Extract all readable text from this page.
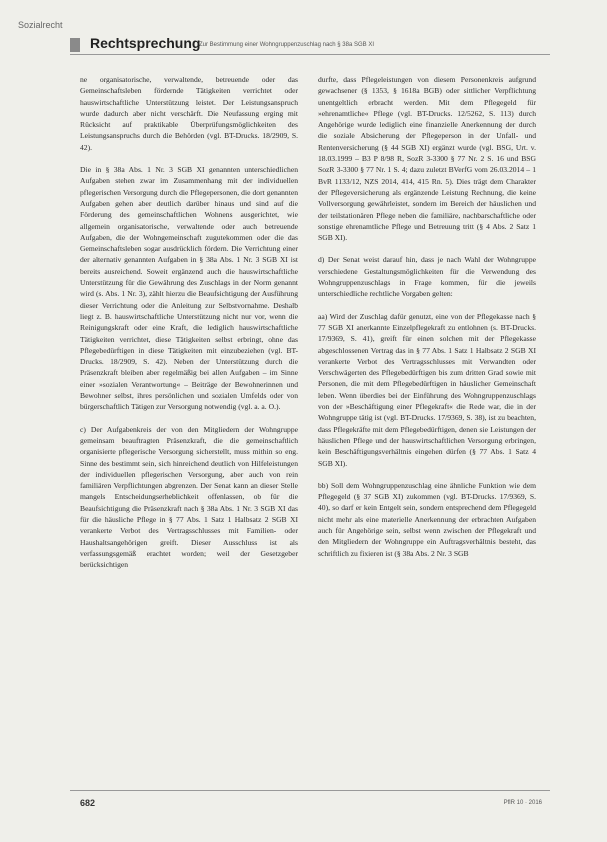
Sozialrecht
Rechtsprechung
Zur Bestimmung einer Wohngruppenzuschlag nach § 38a SGB XI

ne organisatorische, verwaltende, betreuende oder das Gemeinschaftsleben fördernde Tätigkeiten verrichtet oder hauswirtschaftliche Unterstützung leistet. Der Leistungsanspruch wurde dadurch aber nicht verschärft. Die Neufassung erging mit Rücksicht auf praktikable Überprüfungsmöglichkeiten des Leistungsanspruchs durch die Behörden (vgl. BT-Drucks. 18/2909, S. 42).

Die in § 38a Abs. 1 Nr. 3 SGB XI genannten unterschiedlichen Aufgaben stehen zwar im Zusammenhang mit der individuellen pflegerischen Versorgung durch die Pflegepersonen, die dort genannten Aufgaben gehen aber deutlich darüber hinaus und sind auf die Förderung des gemeinschaftlichen Wohnens ausgerichtet, wie allgemein organisatorische, verwaltende oder auch betreuende Aufgaben, die der Wohngemeinschaft zugutekommen oder die das Gemeinschaftsleben sogar ausdrücklich fördern. Die Verrichtung einer der alternativ genannten Aufgaben in § 38a Abs. 1 Nr. 3 SGB XI ist bereits ausreichend. Soweit ergänzend auch die hauswirtschaftliche Unterstützung für die Gewährung des Zuschlags in der Norm genannt wird (s. Abs. 1 Nr. 3), zählt hierzu die Beaufsichtigung der Ausführung dieser Verrichtung oder die Anleitung zur Selbstvornahme. Deshalb liegt z. B. hauswirtschaftliche Unterstützung nicht nur vor, wenn die Reinigungskraft oder eine Kraft, die lediglich hauswirtschaftliche Tätigkeiten verrichtet, diese Tätigkeiten selbst erbringt, ohne das Pflegebedürftigen in diese Tätigkeiten mit einzubeziehen (vgl. BT-Drucks. 18/2909, S. 42). Neben der Unterstützung durch die Präsenzkraft bleiben aber regelmäßig bei allen Aufgaben – im Sinne einer »sozialen Verantwortung« – Beiträge der Bewohnerinnen und Bewohner selbst, ihres persönlichen und sozialen Umfelds oder von bürgerschaftlich Tätigen zur Versorgung notwendig (vgl. a. a. O.).

c) Der Aufgabenkreis der von den Mitgliedern der Wohngruppe gemeinsam beauftragten Präsenzkraft, die die gemeinschaftlich organisierte pflegerische Versorgung sicherstellt, muss mithin so eng. Sinne des bestimmt sein, sich hinreichend deutlich von Hilfeleistungen der individuellen pflegerischen Versorgung, aber auch von rein familiären Verpflichtungen abgrenzen. Der Senat kann an dieser Stelle mangels Entscheidungserheblichkeit offenlassen, ob für die Beaufsichtigung die Präsenzkraft nach § 38a Abs. 1 Nr. 3 SGB XI das für die häusliche Pflege in § 77 Abs. 1 Satz 1 Halbsatz 2 SGB XI verankerte Verbot des Vertragsschlusses mit Familien- oder Haushaltsangehörigen greift. Dieser Ausschluss ist als verfassungsgemäß erachtet worden; weil der Gesetzgeber berücksichtigen

durfte, dass Pflegeleistungen von diesem Personenkreis aufgrund gewachsener (§ 1353, § 1618a BGB) oder sittlicher Verpflichtung unentgeltlich erbracht werden. Mit dem Pflegegeld für »ehrenamtliche« Pflege (vgl. BT-Drucks. 12/5262, S. 113) durch Angehörige wurde lediglich eine finanzielle Anerkennung der durch die soziale Absicherung der Pflegeperson in der Unfall- und Rentenversicherung (§ 44 SGB XI) ergänzt wurde (vgl. BSG, Urt. v. 18.03.1999 – B3 P 8/98 R, SozR 3-3300 § 77 Nr. 2 S. 16 und BSG SozR 3-3300 § 77 Nr. 1 S. 4; dazu zuletzt BVerfG vom 26.03.2014 – 1 BvR 1133/12, NZS 2014, 414, 415 Rn. 5). Dies trägt dem Charakter der Pflegeversicherung als ergänzende Leistung Rechnung, die keine Vollversorgung gewährleistet, sondern im Bereich der häuslichen und der teilstationären Pflege neben die familiäre, nachbarschaftliche oder sonstige ehrenamtliche Pflege und Betreuung tritt (§ 4 Abs. 2 Satz 1 SGB XI).

d) Der Senat weist darauf hin, dass je nach Wahl der Wohngruppe verschiedene Gestaltungsmöglichkeiten für die Verwendung des Wohngruppenzuschlags in Frage kommen, für die jeweils unterschiedliche rechtliche Vorgaben gelten:

aa) Wird der Zuschlag dafür genutzt, eine von der Pflegekasse nach § 77 SGB XI anerkannte Einzelpflegekraft zu entlohnen (s. BT-Drucks. 17/9369, S. 41), greift für einen solchen mit der Pflegekasse abgeschlossenen Vertrag das in § 77 Abs. 1 Satz 1 Halbsatz 2 SGB XI verankerte Verbot des Vertragsschlusses mit Verwandten oder Verschwägerten des Pflegebedürftigen bis zum dritten Grad sowie mit Personen, die mit dem Pflegebedürftigen in häuslicher Gemeinschaft leben. Wenn überdies bei der Einführung des Wohngruppenzuschlags von der »Beschäftigung einer Pflegekraft« die Rede war, die in der Wohngruppe tätig ist (vgl. BT-Drucks. 17/9369, S. 38), ist zu beachten, dass Pflegekräfte mit dem Pflegebedürftigen, denen sie Leistungen der häuslichen Pflege und der hauswirtschaftlichen Versorgung erbringen, kein Beschäftigungsverhältnis eingehen dürfen (§ 77 Abs. 1 Satz 4 SGB XI).

bb) Soll dem Wohngruppenzuschlag eine ähnliche Funktion wie dem Pflegegeld (§ 37 SGB XI) zukommen (vgl. BT-Drucks. 17/9369, S. 40), so darf er kein Entgelt sein, sondern entsprechend dem Pflegegeld nicht mehr als eine materielle Anerkennung der erbrachten Aufgaben auch für Angehörige sein, selbst wenn zwischen der Pflegekraft und den Mitgliedern der Wohngruppe ein Auftragsverhältnis besteht, das schriftlich zu fixieren ist (§ 38a Abs. 2 Nr. 3 SGB

682	PflR 10 · 2016
